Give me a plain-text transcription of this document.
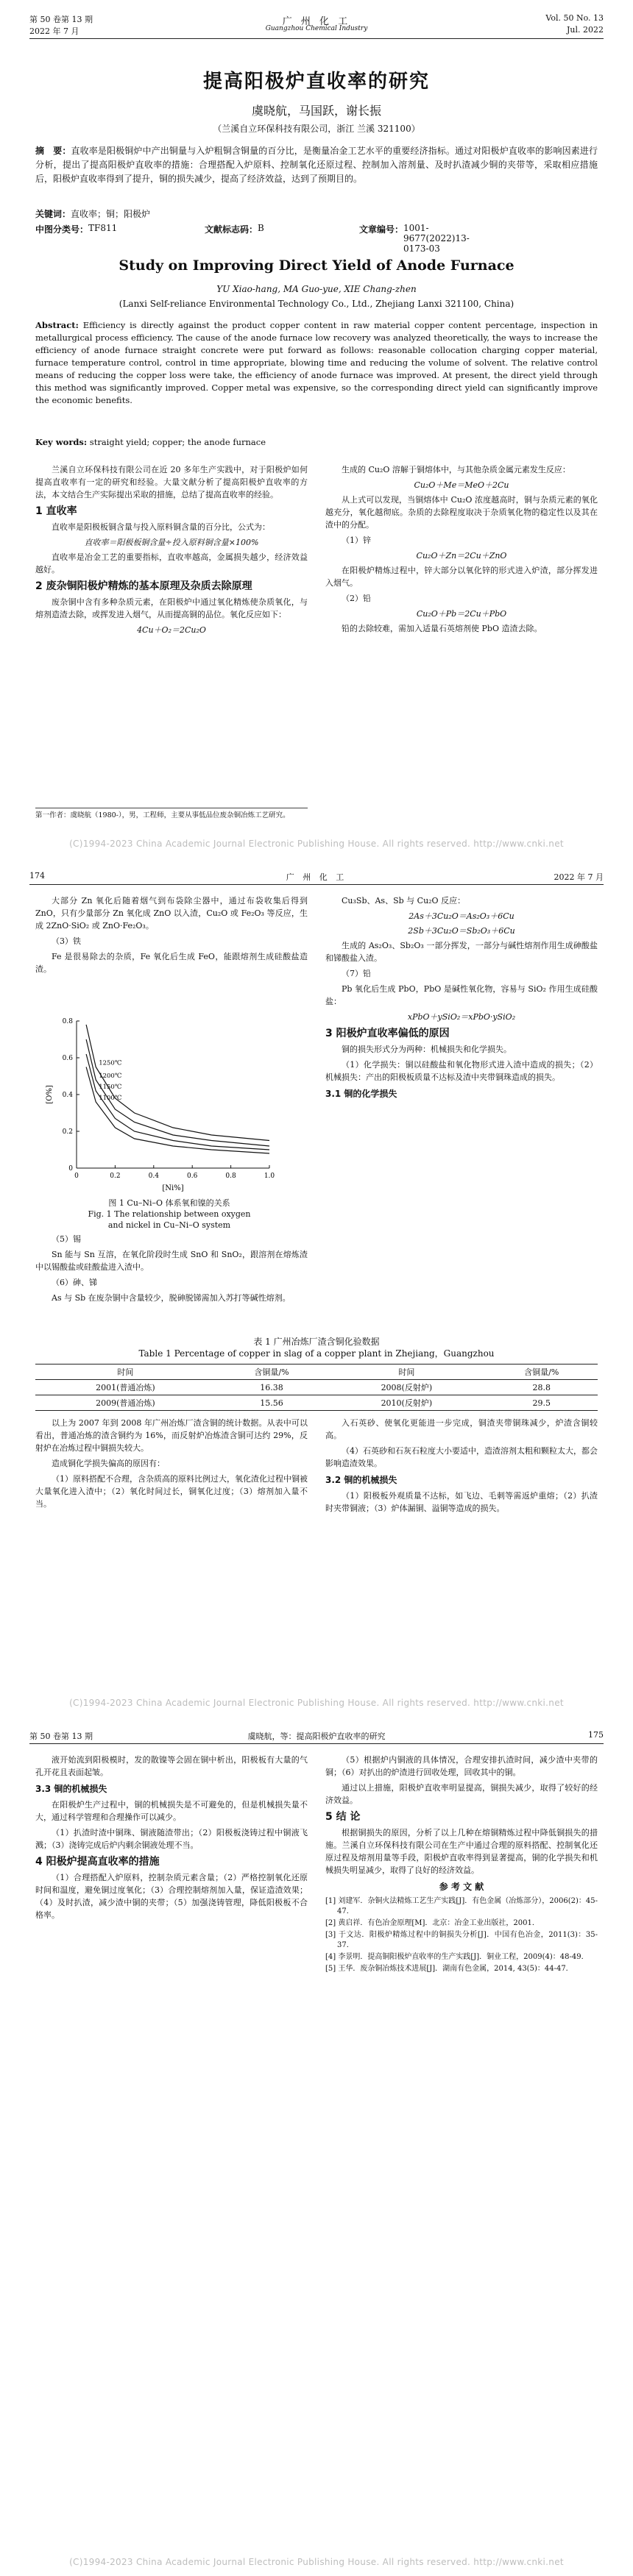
第 50 卷第 13 期
2022 年 7 月
广 州 化 工
Guangzhou Chemical Industry
Vol. 50 No. 13
Jul. 2022
提高阳极炉直收率的研究
虞晓航，马国跃，谢长振
（兰溪自立环保科技有限公司，浙江 兰溪 321100）
摘　要：直收率是阳极铜炉中产出铜量与入炉粗铜含铜量的百分比，是衡量冶金工艺水平的重要经济指标。通过对阳极炉直收率的影响因素进行分析，提出了提高阳极炉直收率的措施：合理搭配入炉原料、控制氧化还原过程、控制加入溶剂量、及时扒渣减少铜的夹带等，采取相应措施后，阳极炉直收率得到了提升，铜的损失减少，提高了经济效益，达到了预期目的。
关键词：直收率；铜；阳极炉
中图分类号： TF811	文献标志码： B	文章编号： 1001-9677(2022)13-0173-03
Study on Improving Direct Yield of Anode Furnace
YU Xiao-hang, MA Guo-yue, XIE Chang-zhen
(Lanxi Self-reliance Environmental Technology Co., Ltd., Zhejiang Lanxi 321100, China)
Abstract: Efficiency is directly against the product copper content in raw material copper content percentage, inspection in metallurgical process efficiency. The cause of the anode furnace low recovery was analyzed theoretically, the ways to increase the efficiency of anode furnace straight concrete were put forward as follows: reasonable collocation charging copper material, furnace temperature control, control in time appropriate, blowing time and reducing the volume of solvent. The relative control means of reducing the copper loss were take, the efficiency of anode furnace was improved. At present, the direct yield through this method was significantly improved. Copper metal was expensive, so the corresponding direct yield can significantly improve the economic benefits.
Key words: straight yield; copper; the anode furnace

兰溪自立环保科技有限公司在近 20 多年生产实践中，对于阳极炉如何提高直收率有一定的研究和经验。大量文献分析了提高阳极炉直收率的方法，本文结合生产实际提出采取的措施，总结了提高直收率的经验。

1 直收率

直收率是阳极板铜含量与投入原料铜含量的百分比，公式为：

直收率＝阳极板铜含量÷投入原料铜含量×100%

直收率是冶金工艺的重要指标，直收率越高，金属损失越少，经济效益越好。

2 废杂铜阳极炉精炼的基本原理及杂质去除原理

废杂铜中含有多种杂质元素，在阳极炉中通过氧化精炼使杂质氧化，与熔剂造渣去除，或挥发进入烟气，从而提高铜的品位。氧化反应如下：

4Cu＋O₂＝2Cu₂O

生成的 Cu₂O 溶解于铜熔体中，与其他杂质金属元素发生反应：

Cu₂O＋Me＝MeO＋2Cu

从上式可以发现，当铜熔体中 Cu₂O 浓度越高时，铜与杂质元素的氧化越充分，氧化越彻底。杂质的去除程度取决于杂质氧化物的稳定性以及其在渣中的分配。

（1）锌

Cu₂O＋Zn＝2Cu＋ZnO

在阳极炉精炼过程中，锌大部分以氧化锌的形式进入炉渣，部分挥发进入烟气。

（2）铅

Cu₂O＋Pb＝2Cu＋PbO

铅的去除较难，需加入适量石英熔剂使 PbO 造渣去除。

第一作者：虞晓航（1980-），男，工程师，主要从事低品位废杂铜冶炼工艺研究。
(C)1994-2023 China Academic Journal Electronic Publishing House. All rights reserved. http://www.cnki.net
174	广 州 化 工	2022 年 7 月

大部分 Zn 氧化后随着烟气到布袋除尘器中，通过布袋收集后得到 ZnO，只有少量部分 Zn 氧化成 ZnO 以入渣，Cu₂O 或 Fe₂O₃ 等反应，生成 2ZnO·SiO₂ 或 ZnO·Fe₂O₃。

（3）铁

Fe 是很易除去的杂质，Fe 氧化后生成 FeO，能跟熔剂生成硅酸盐造渣。

0	0.2	0.4	0.6	0.8	1.0
0
0.2
0.4
0.6
0.8
[Ni%]
[O%]
1250℃
1200℃
1150℃
1100℃
图 1 Cu–Ni–O 体系氧和镍的关系
Fig. 1 The relationship between oxygen
and nickel in Cu–Ni–O system

（5）锡

Sn 能与 Sn 互溶，在氧化阶段时生成 SnO 和 SnO₂，跟溶剂在熔炼渣中以锡酸盐或硅酸盐进入渣中。

（6）砷、锑

As 与 Sb 在废杂铜中含量较少，脱砷脱锑需加入苏打等碱性熔剂。

Cu₃Sb、As、Sb 与 Cu₂O 反应：

2As＋3Cu₂O＝As₂O₃＋6Cu

2Sb＋3Cu₂O＝Sb₂O₃＋6Cu

生成的 As₂O₃、Sb₂O₃ 一部分挥发，一部分与碱性熔剂作用生成砷酸盐和锑酸盐入渣。

（7）铅

Pb 氧化后生成 PbO，PbO 是碱性氧化物，容易与 SiO₂ 作用生成硅酸盐：

xPbO＋ySiO₂＝xPbO·ySiO₂

3 阳极炉直收率偏低的原因

铜的损失形式分为两种：机械损失和化学损失。

（1）化学损失：铜以硅酸盐和氧化物形式进入渣中造成的损失；（2）机械损失：产出的阳极板质量不达标及渣中夹带铜珠造成的损失。

3.1 铜的化学损失
表 1 广州冶炼厂渣含铜化验数据
Table 1 Percentage of copper in slag of a copper plant in Zhejiang，Guangzhou
时间	含铜量/%	时间	含铜量/%
2001(普通冶炼)	16.38	2008(反射炉)	28.8
2009(普通冶炼)	15.56	2010(反射炉)	29.5

以上为 2007 年到 2008 年广州冶炼厂渣含铜的统计数据。从表中可以看出，普通冶炼的渣含铜约为 16%，而反射炉冶炼渣含铜可达约 29%，反射炉在冶炼过程中铜损失较大。

造成铜化学损失偏高的原因有：

（1）原料搭配不合理，含杂质高的原料比例过大，氧化渣化过程中铜被大量氧化进入渣中；（2）氧化时间过长，铜氧化过度；（3）熔剂加入量不当。

入石英砂、使氧化更能进一步完成，铜渣夹带铜珠减少，炉渣含铜较高。

（4）石英砂和石灰石粒度大小要适中，造渣溶剂太粗和颗粒太大，都会影响造渣效果。

3.2 铜的机械损失

（1）阳极板外观质量不达标，如飞边、毛刺等需返炉重熔；（2）扒渣时夹带铜液；（3）炉体漏铜、溢铜等造成的损失。

(C)1994-2023 China Academic Journal Electronic Publishing House. All rights reserved. http://www.cnki.net
第 50 卷第 13 期	虞晓航，等：提高阳极炉直收率的研究	175

液开始流到阳极模时，发的散镍等会固在铜中析出，阳极板有大量的气孔开花且表面起皱。

3.3 铜的机械损失

在阳极炉生产过程中，铜的机械损失是不可避免的，但是机械损失量不大，通过科学管理和合理操作可以减少。

（1）扒渣时渣中铜珠、铜液随渣带出；（2）阳极板浇铸过程中铜液飞溅；（3）浇铸完成后炉内剩余铜液处理不当。

4 阳极炉提高直收率的措施

（1）合理搭配入炉原料，控制杂质元素含量；（2）严格控制氧化还原时间和温度，避免铜过度氧化；（3）合理控制熔剂加入量，保证造渣效果；（4）及时扒渣，减少渣中铜的夹带；（5）加强浇铸管理，降低阳极板不合格率。

（5）根据炉内铜液的具体情况，合理安排扒渣时间，减少渣中夹带的铜；（6）对扒出的炉渣进行回收处理，回收其中的铜。

通过以上措施，阳极炉直收率明显提高，铜损失减少，取得了较好的经济效益。

5 结 论

根据铜损失的原因，分析了以上几种在熔铜精炼过程中降低铜损失的措施。兰溪自立环保科技有限公司在生产中通过合理的原料搭配、控制氧化还原过程及熔剂用量等手段，阳极炉直收率得到显著提高，铜的化学损失和机械损失明显减少，取得了良好的经济效益。

参 考 文 献
[1] 刘建军．杂铜火法精炼工艺生产实践[J]．有色金属（冶炼部分），2006(2)：45-47．
[2] 黄启祥．有色冶金原理[M]．北京：冶金工业出版社，2001．
[3] 于文达．阳极炉精炼过程中的铜损失分析[J]．中国有色冶金，2011(3)：35-37．
[4] 李景明．提高铜阳极炉直收率的生产实践[J]．铜业工程，2009(4)：48-49．
[5] 王华．废杂铜冶炼技术进展[J]．湖南有色金属，2014, 43(5)：44-47．
(C)1994-2023 China Academic Journal Electronic Publishing House. All rights reserved. http://www.cnki.net
